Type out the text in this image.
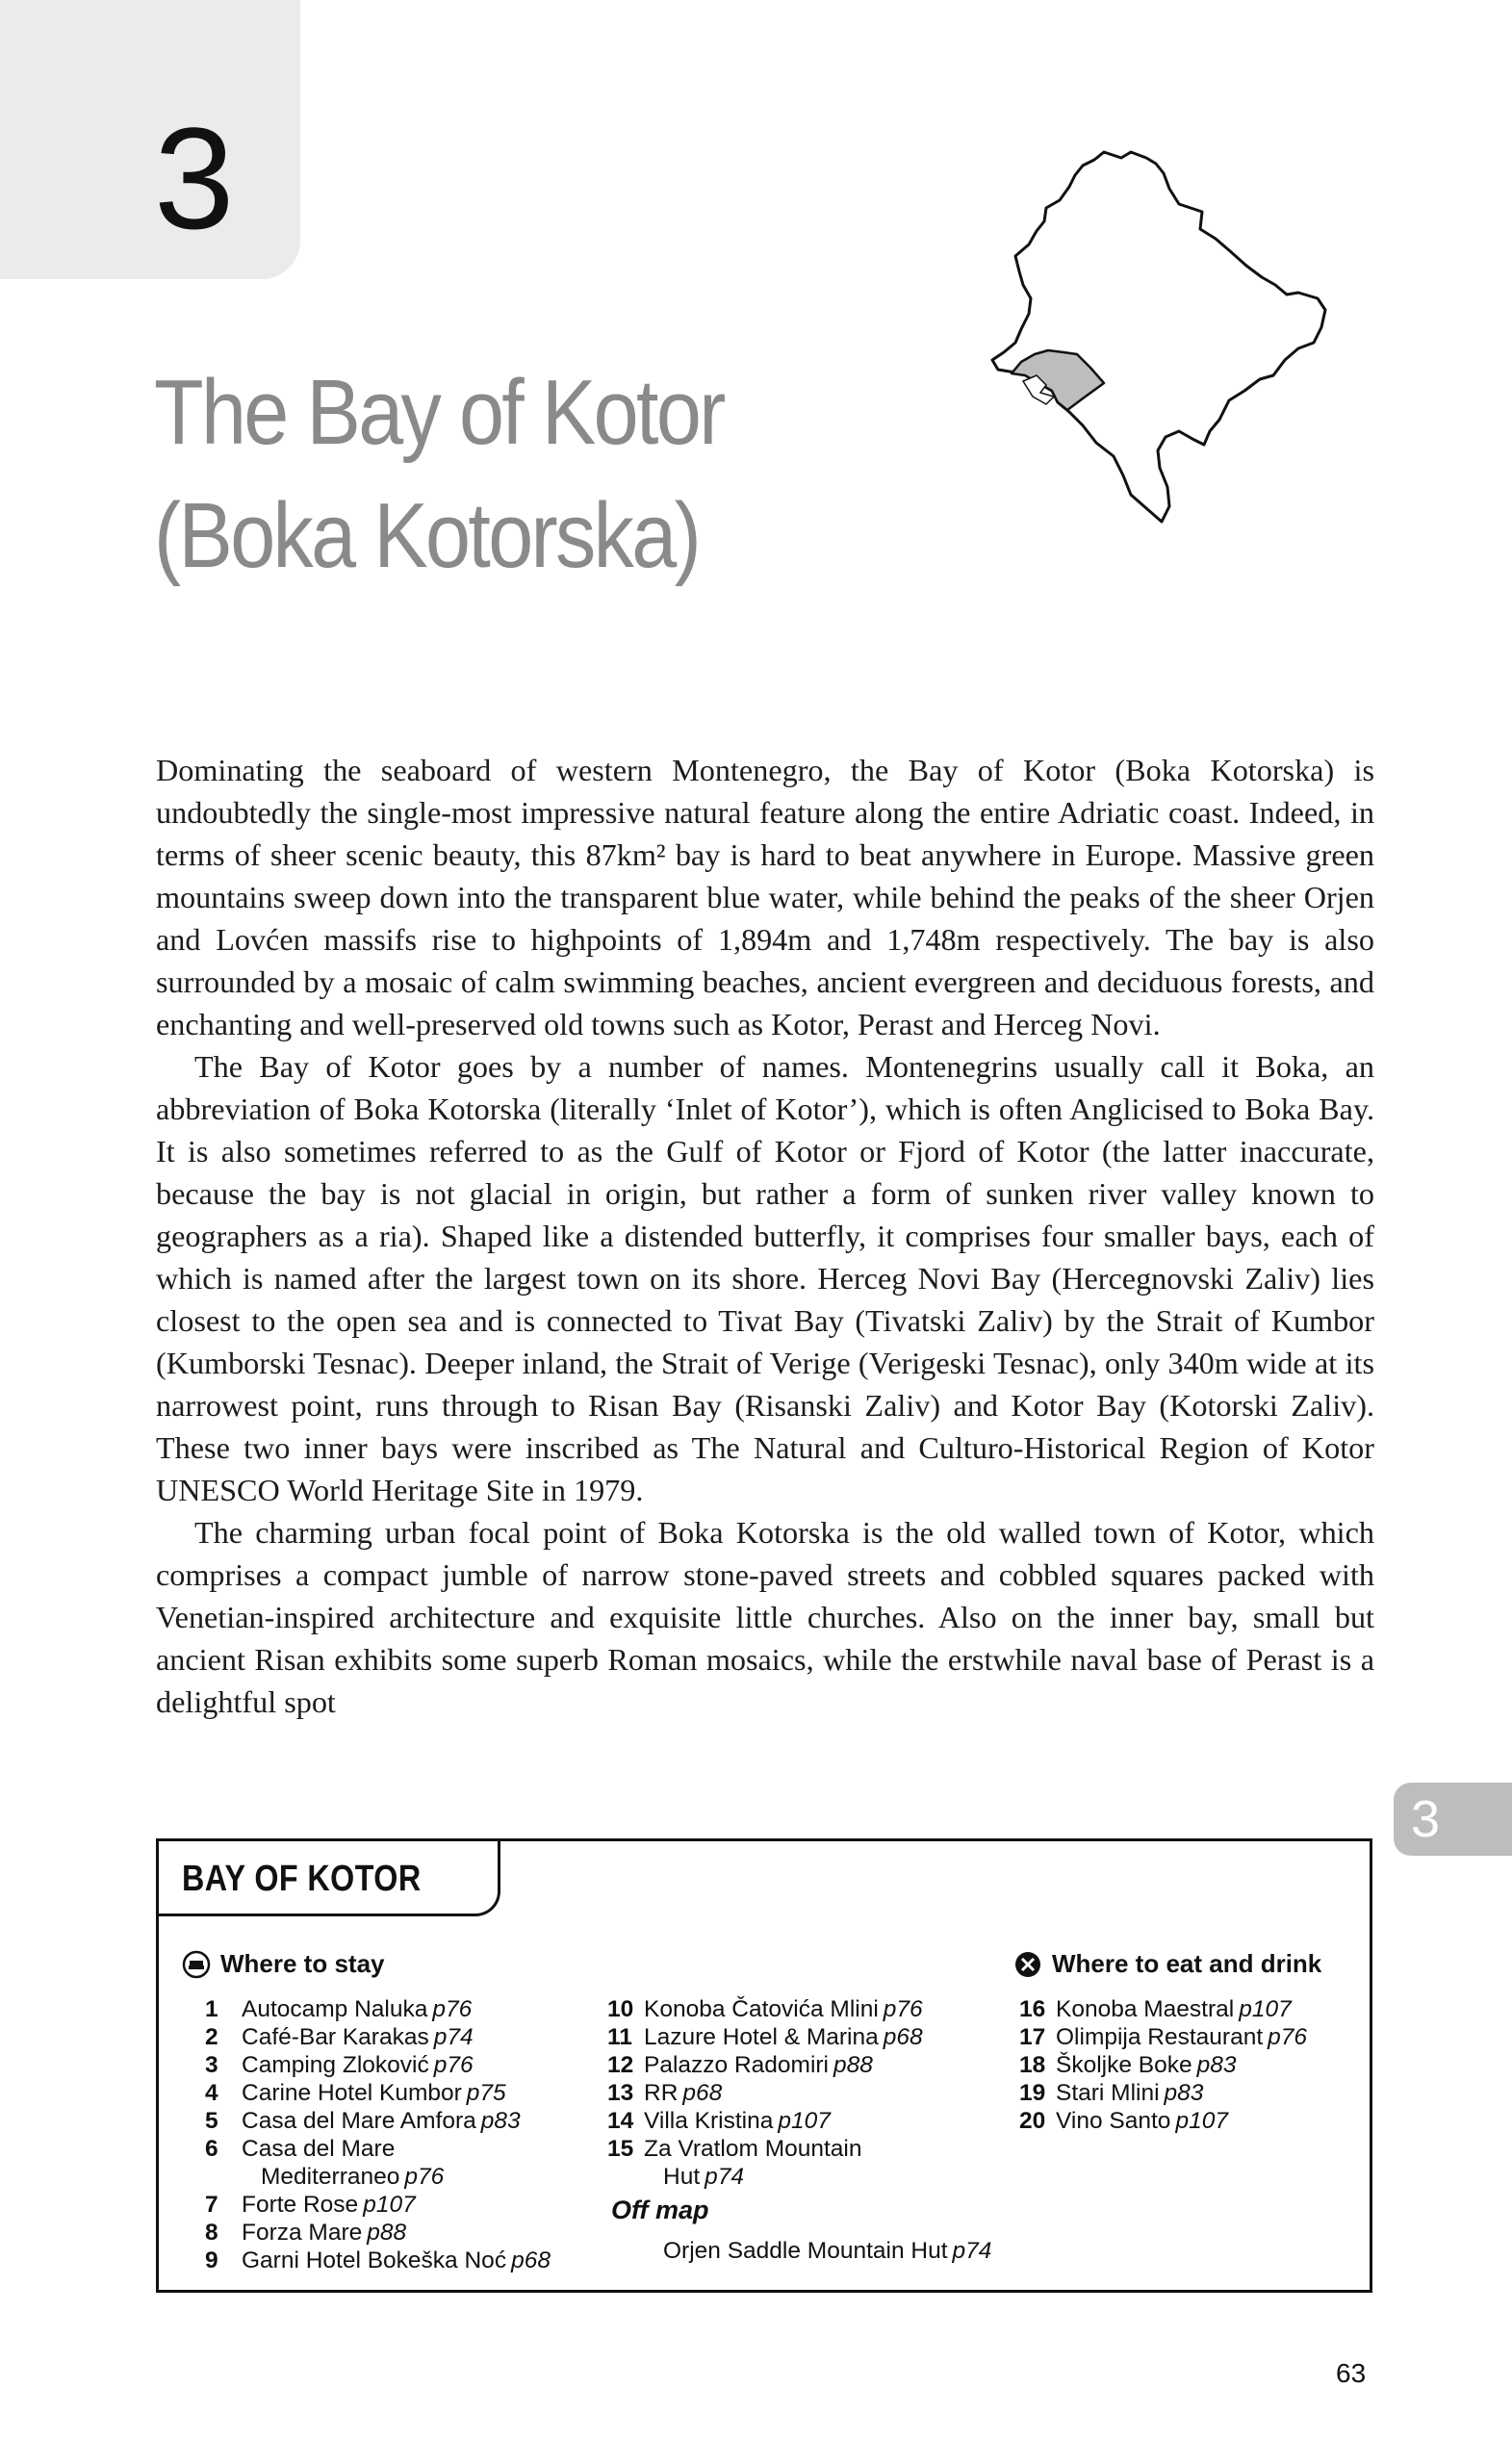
3
The Bay of Kotor
(Boka Kotorska)

Dominating the seaboard of western Montenegro, the Bay of Kotor (Boka Kotorska) is undoubtedly the single-most impressive natural feature along the entire Adriatic coast. Indeed, in terms of sheer scenic beauty, this 87km² bay is hard to beat anywhere in Europe. Massive green mountains sweep down into the transparent blue water, while behind the peaks of the sheer Orjen and Lovćen massifs rise to highpoints of 1,894m and 1,748m respectively. The bay is also surrounded by a mosaic of calm swimming beaches, ancient evergreen and deciduous forests, and enchanting and well-preserved old towns such as Kotor, Perast and Herceg Novi.

The Bay of Kotor goes by a number of names. Montenegrins usually call it Boka, an abbreviation of Boka Kotorska (literally ‘Inlet of Kotor’), which is often Anglicised to Boka Bay. It is also sometimes referred to as the Gulf of Kotor or Fjord of Kotor (the latter inaccurate, because the bay is not glacial in origin, but rather a form of sunken river valley known to geographers as a ria). Shaped like a distended butterfly, it comprises four smaller bays, each of which is named after the largest town on its shore. Herceg Novi Bay (Hercegnovski Zaliv) lies closest to the open sea and is connected to Tivat Bay (Tivatski Zaliv) by the Strait of Kumbor (Kumborski Tesnac). Deeper inland, the Strait of Verige (Verigeski Tesnac), only 340m wide at its narrowest point, runs through to Risan Bay (Risanski Zaliv) and Kotor Bay (Kotorski Zaliv). These two inner bays were inscribed as The Natural and Culturo-Historical Region of Kotor UNESCO World Heritage Site in 1979.

The charming urban focal point of Boka Kotorska is the old walled town of Kotor, which comprises a compact jumble of narrow stone-paved streets and cobbled squares packed with Venetian-inspired architecture and exquisite little churches. Also on the inner bay, small but ancient Risan exhibits some superb Roman mosaics, while the erstwhile naval base of Perast is a delightful spot

3
BAY OF KOTOR
Where to stay	Where to eat and drink
1 Autocamp Naluka p76
2 Café-Bar Karakas p74
3 Camping Zloković p76
4 Carine Hotel Kumbor p75
5 Casa del Mare Amfora p83
6 Casa del Mare
Mediterraneo p76
7 Forte Rose p107
8 Forza Mare p88
9 Garni Hotel Bokeška Noć p68
10 Konoba Čatovića Mlini p76
11 Lazure Hotel & Marina p68
12 Palazzo Radomiri p88
13 RR p68
14 Villa Kristina p107
15 Za Vratlom Mountain
Hut p74
16 Konoba Maestral p107
17 Olimpija Restaurant p76
18 Školjke Boke p83
19 Stari Mlini p83
20 Vino Santo p107
Off map
Orjen Saddle Mountain Hut p74
63
